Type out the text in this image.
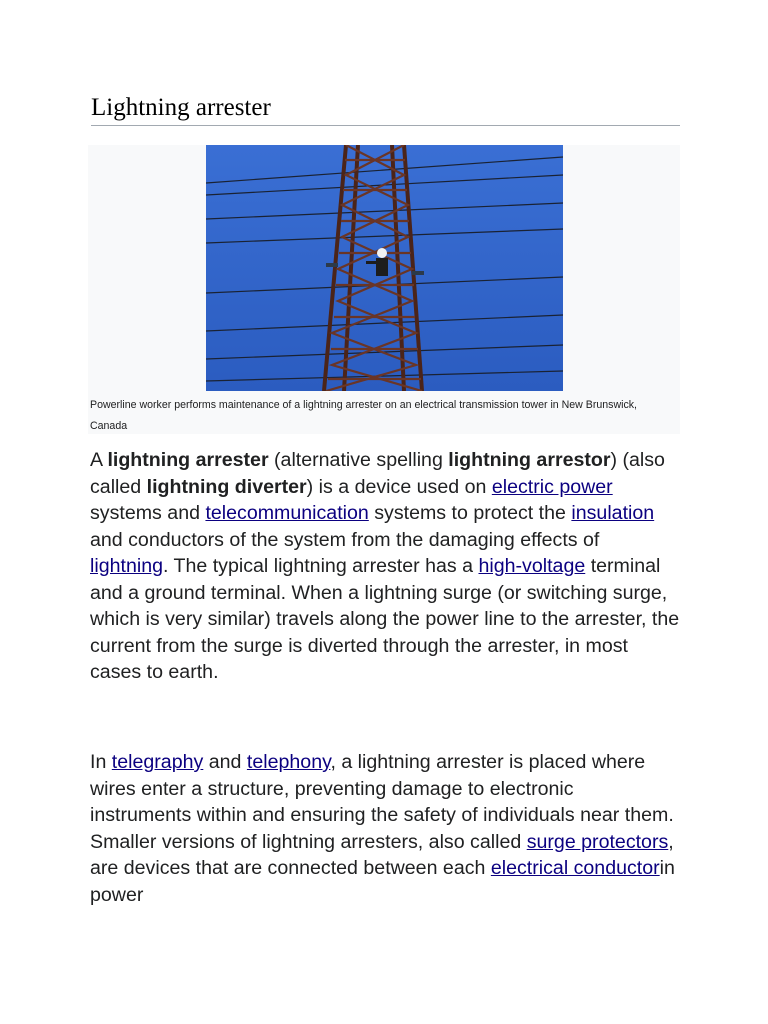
Lightning arrester
Powerline worker performs maintenance of a lightning arrester on an electrical transmission tower in New Brunswick, Canada

A lightning arrester (alternative spelling lightning arrestor) (also called lightning diverter) is a device used on electric power systems and telecommunication systems to protect the insulation and conductors of the system from the damaging effects of lightning. The typical lightning arrester has a high-voltage terminal and a ground terminal. When a lightning surge (or switching surge, which is very similar) travels along the power line to the arrester, the current from the surge is diverted through the arrester, in most cases to earth.

In telegraphy and telephony, a lightning arrester is placed where wires enter a structure, preventing damage to electronic instruments within and ensuring the safety of individuals near them. Smaller versions of lightning arresters, also called surge protectors, are devices that are connected between each electrical conductorin power
